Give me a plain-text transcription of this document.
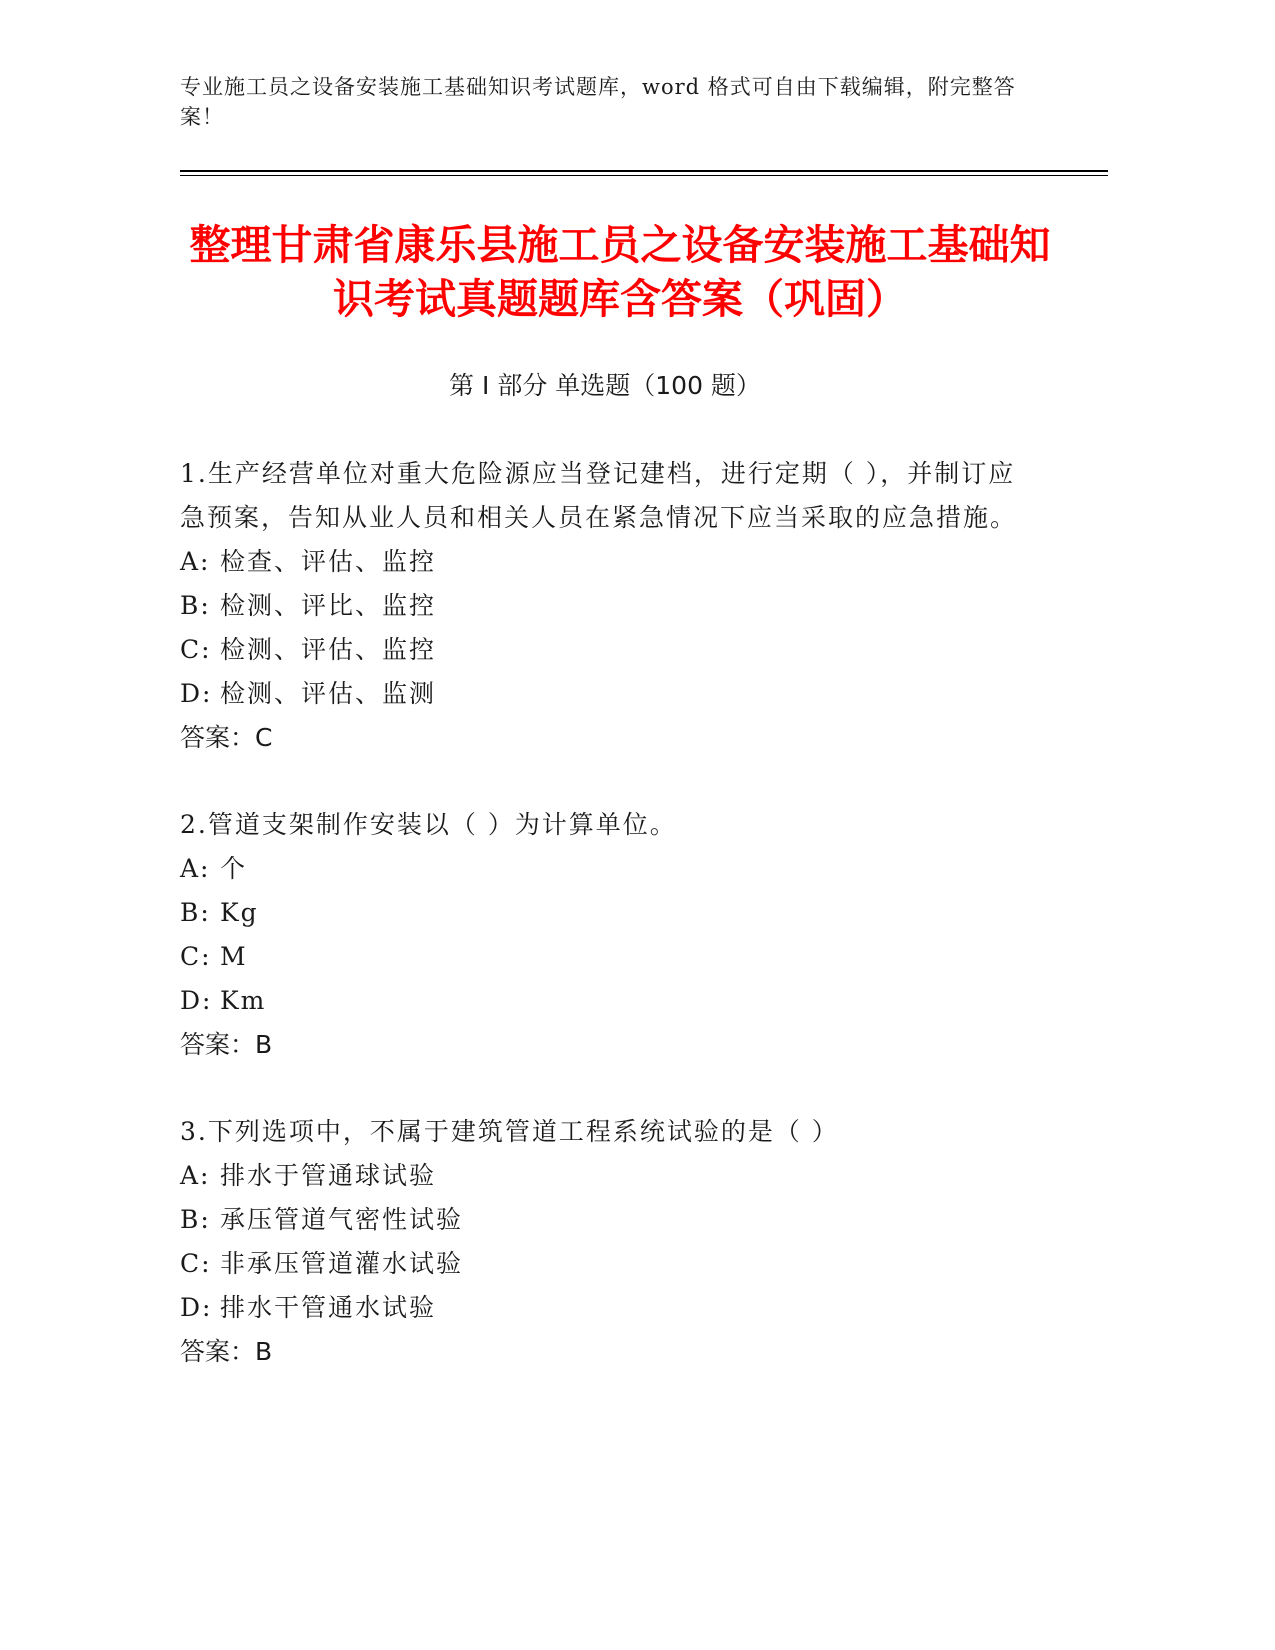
专业施工员之设备安装施工基础知识考试题库，word 格式可自由下载编辑，附完整答案！
整理甘肃省康乐县施工员之设备安装施工基础知识考试真题题库含答案（巩固）
第 I 部分 单选题（100 题）
1.生产经营单位对重大危险源应当登记建档，进行定期（ ），并制订应急预案，告知从业人员和相关人员在紧急情况下应当采取的应急措施。
A: 检查、评估、监控
B: 检测、评比、监控
C: 检测、评估、监控
D: 检测、评估、监测
答案：C
2.管道支架制作安装以（ ）为计算单位。
A: 个
B: Kg
C: M
D: Km
答案：B
3.下列选项中，不属于建筑管道工程系统试验的是（ ）
A: 排水于管通球试验
B: 承压管道气密性试验
C: 非承压管道灌水试验
D: 排水干管通水试验
答案：B
